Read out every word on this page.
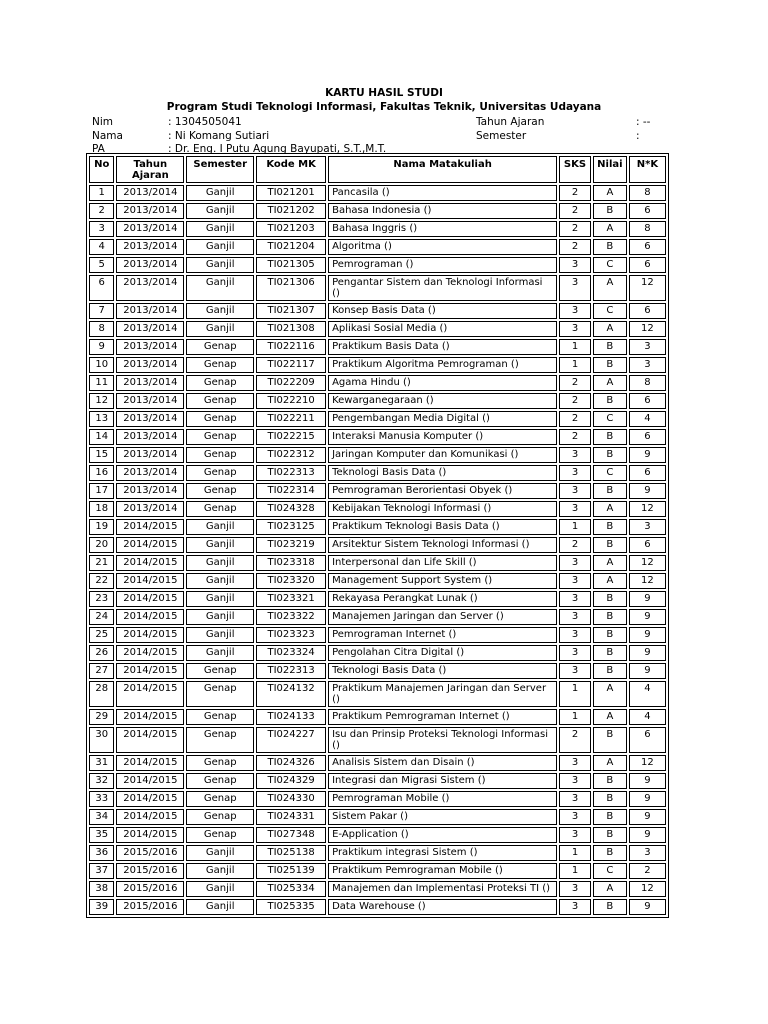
KARTU HASIL STUDI
Program Studi Teknologi Informasi, Fakultas Teknik, Universitas Udayana
Nim	: 1304505041
Nama	: Ni Komang Sutiari
PA	: Dr. Eng. I Putu Agung Bayupati, S.T.,M.T.
Tahun Ajaran	: --
Semester	:
No	Tahun Ajaran	Semester	Kode MK	Nama Matakuliah	SKS	Nilai	N*K
1	2013/2014	Ganjil	TI021201	Pancasila ()	2	A	8
2	2013/2014	Ganjil	TI021202	Bahasa Indonesia ()	2	B	6
3	2013/2014	Ganjil	TI021203	Bahasa Inggris ()	2	A	8
4	2013/2014	Ganjil	TI021204	Algoritma ()	2	B	6
5	2013/2014	Ganjil	TI021305	Pemrograman ()	3	C	6
6	2013/2014	Ganjil	TI021306	Pengantar Sistem dan Teknologi Informasi ()	3	A	12
7	2013/2014	Ganjil	TI021307	Konsep Basis Data ()	3	C	6
8	2013/2014	Ganjil	TI021308	Aplikasi Sosial Media ()	3	A	12
9	2013/2014	Genap	TI022116	Praktikum Basis Data ()	1	B	3
10	2013/2014	Genap	TI022117	Praktikum Algoritma Pemrograman ()	1	B	3
11	2013/2014	Genap	TI022209	Agama Hindu ()	2	A	8
12	2013/2014	Genap	TI022210	Kewarganegaraan ()	2	B	6
13	2013/2014	Genap	TI022211	Pengembangan Media Digital ()	2	C	4
14	2013/2014	Genap	TI022215	Interaksi Manusia Komputer ()	2	B	6
15	2013/2014	Genap	TI022312	Jaringan Komputer dan Komunikasi ()	3	B	9
16	2013/2014	Genap	TI022313	Teknologi Basis Data ()	3	C	6
17	2013/2014	Genap	TI022314	Pemrograman Berorientasi Obyek ()	3	B	9
18	2013/2014	Genap	TI024328	Kebijakan Teknologi Informasi ()	3	A	12
19	2014/2015	Ganjil	TI023125	Praktikum Teknologi Basis Data ()	1	B	3
20	2014/2015	Ganjil	TI023219	Arsitektur Sistem Teknologi Informasi ()	2	B	6
21	2014/2015	Ganjil	TI023318	Interpersonal dan Life Skill ()	3	A	12
22	2014/2015	Ganjil	TI023320	Management Support System ()	3	A	12
23	2014/2015	Ganjil	TI023321	Rekayasa Perangkat Lunak ()	3	B	9
24	2014/2015	Ganjil	TI023322	Manajemen Jaringan dan Server ()	3	B	9
25	2014/2015	Ganjil	TI023323	Pemrograman Internet ()	3	B	9
26	2014/2015	Ganjil	TI023324	Pengolahan Citra Digital ()	3	B	9
27	2014/2015	Genap	TI022313	Teknologi Basis Data ()	3	B	9
28	2014/2015	Genap	TI024132	Praktikum Manajemen Jaringan dan Server ()	1	A	4
29	2014/2015	Genap	TI024133	Praktikum Pemrograman Internet ()	1	A	4
30	2014/2015	Genap	TI024227	Isu dan Prinsip Proteksi Teknologi Informasi ()	2	B	6
31	2014/2015	Genap	TI024326	Analisis Sistem dan Disain ()	3	A	12
32	2014/2015	Genap	TI024329	Integrasi dan Migrasi Sistem ()	3	B	9
33	2014/2015	Genap	TI024330	Pemrograman Mobile ()	3	B	9
34	2014/2015	Genap	TI024331	Sistem Pakar ()	3	B	9
35	2014/2015	Genap	TI027348	E-Application ()	3	B	9
36	2015/2016	Ganjil	TI025138	Praktikum integrasi Sistem ()	1	B	3
37	2015/2016	Ganjil	TI025139	Praktikum Pemrograman Mobile ()	1	C	2
38	2015/2016	Ganjil	TI025334	Manajemen dan Implementasi Proteksi TI ()	3	A	12
39	2015/2016	Ganjil	TI025335	Data Warehouse ()	3	B	9
